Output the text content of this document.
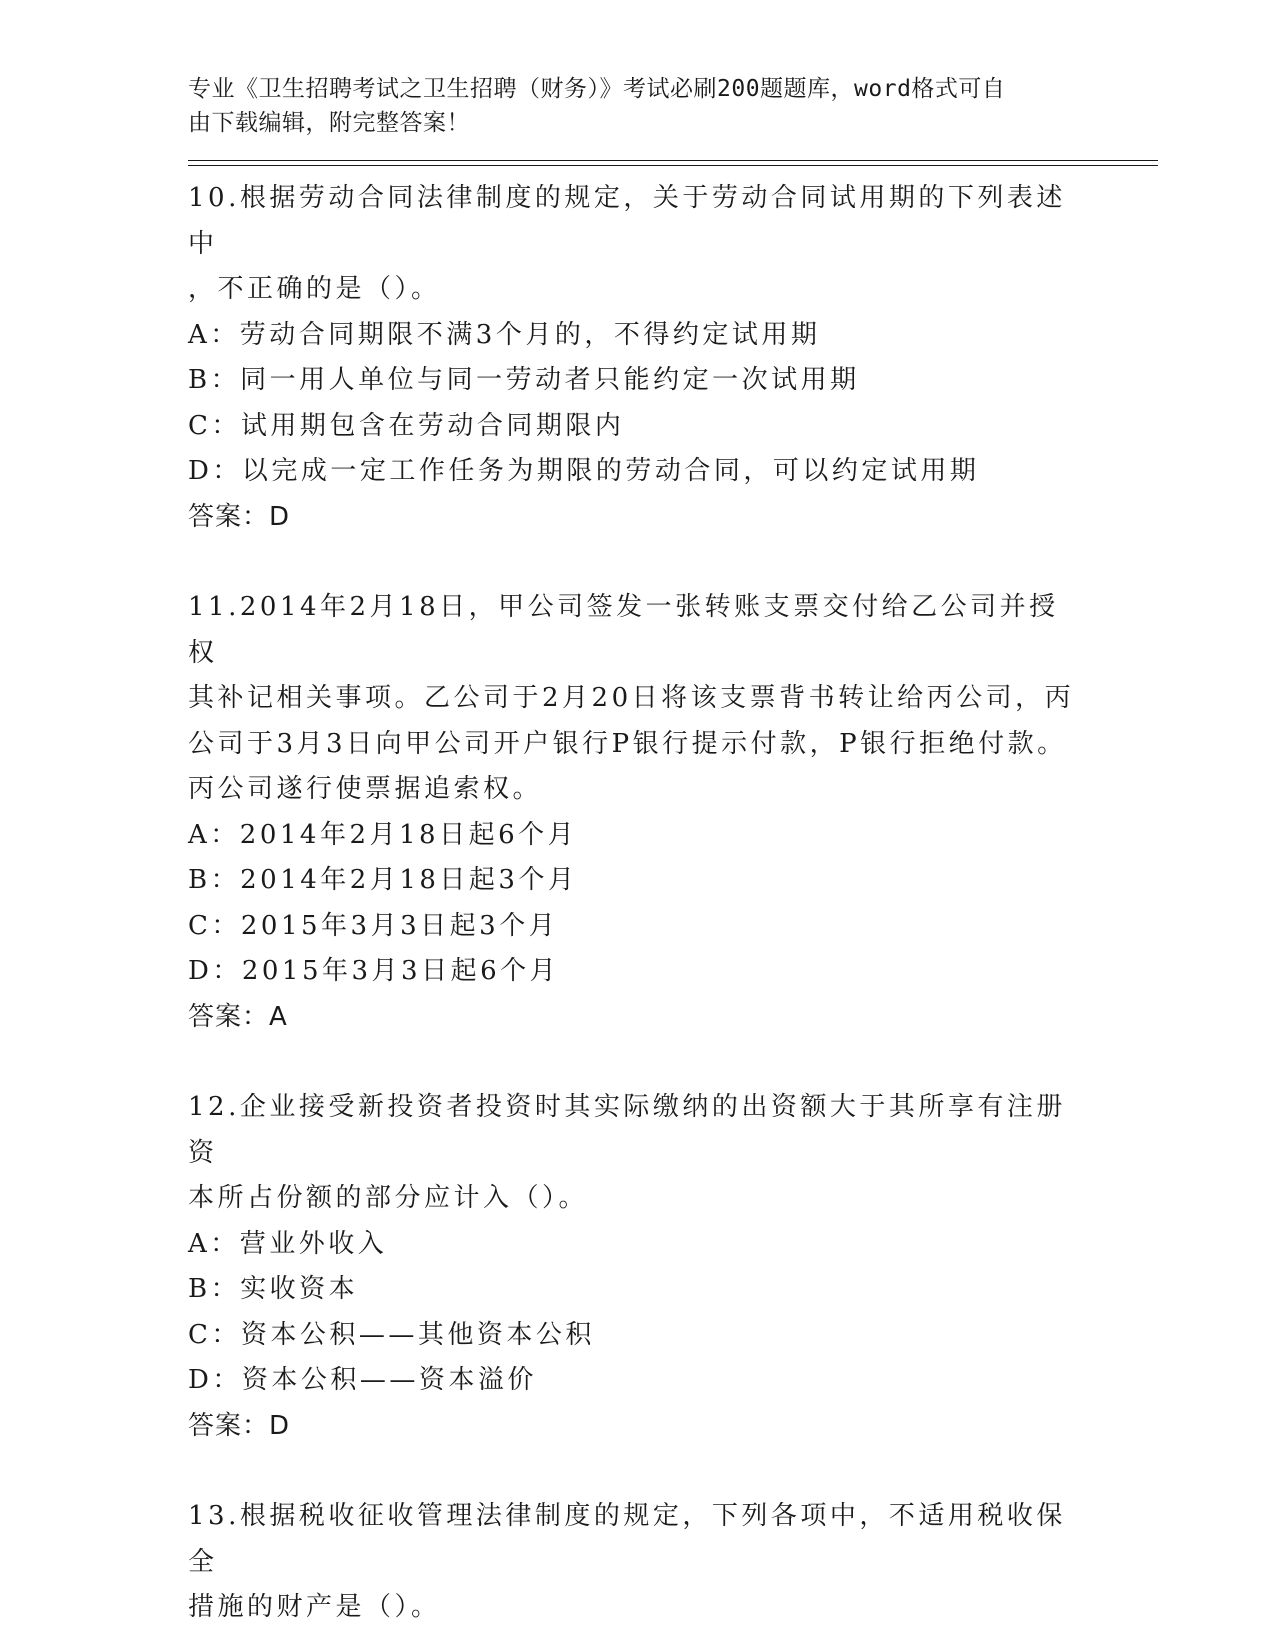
专业《卫生招聘考试之卫生招聘（财务）》考试必刷200题题库，word格式可自
由下载编辑，附完整答案！
10.根据劳动合同法律制度的规定，关于劳动合同试用期的下列表述中
，不正确的是（）。
A：劳动合同期限不满3个月的，不得约定试用期
B：同一用人单位与同一劳动者只能约定一次试用期
C：试用期包含在劳动合同期限内
D：以完成一定工作任务为期限的劳动合同，可以约定试用期
答案：D
11.2014年2月18日，甲公司签发一张转账支票交付给乙公司并授权
其补记相关事项。乙公司于2月20日将该支票背书转让给丙公司，丙
公司于3月3日向甲公司开户银行P银行提示付款，P银行拒绝付款。
丙公司遂行使票据追索权。
A：2014年2月18日起6个月
B：2014年2月18日起3个月
C：2015年3月3日起3个月
D：2015年3月3日起6个月
答案：A
12.企业接受新投资者投资时其实际缴纳的出资额大于其所享有注册资
本所占份额的部分应计入（）。
A：营业外收入
B：实收资本
C：资本公积——其他资本公积
D：资本公积——资本溢价
答案：D
13.根据税收征收管理法律制度的规定，下列各项中，不适用税收保全
措施的财产是（）。
